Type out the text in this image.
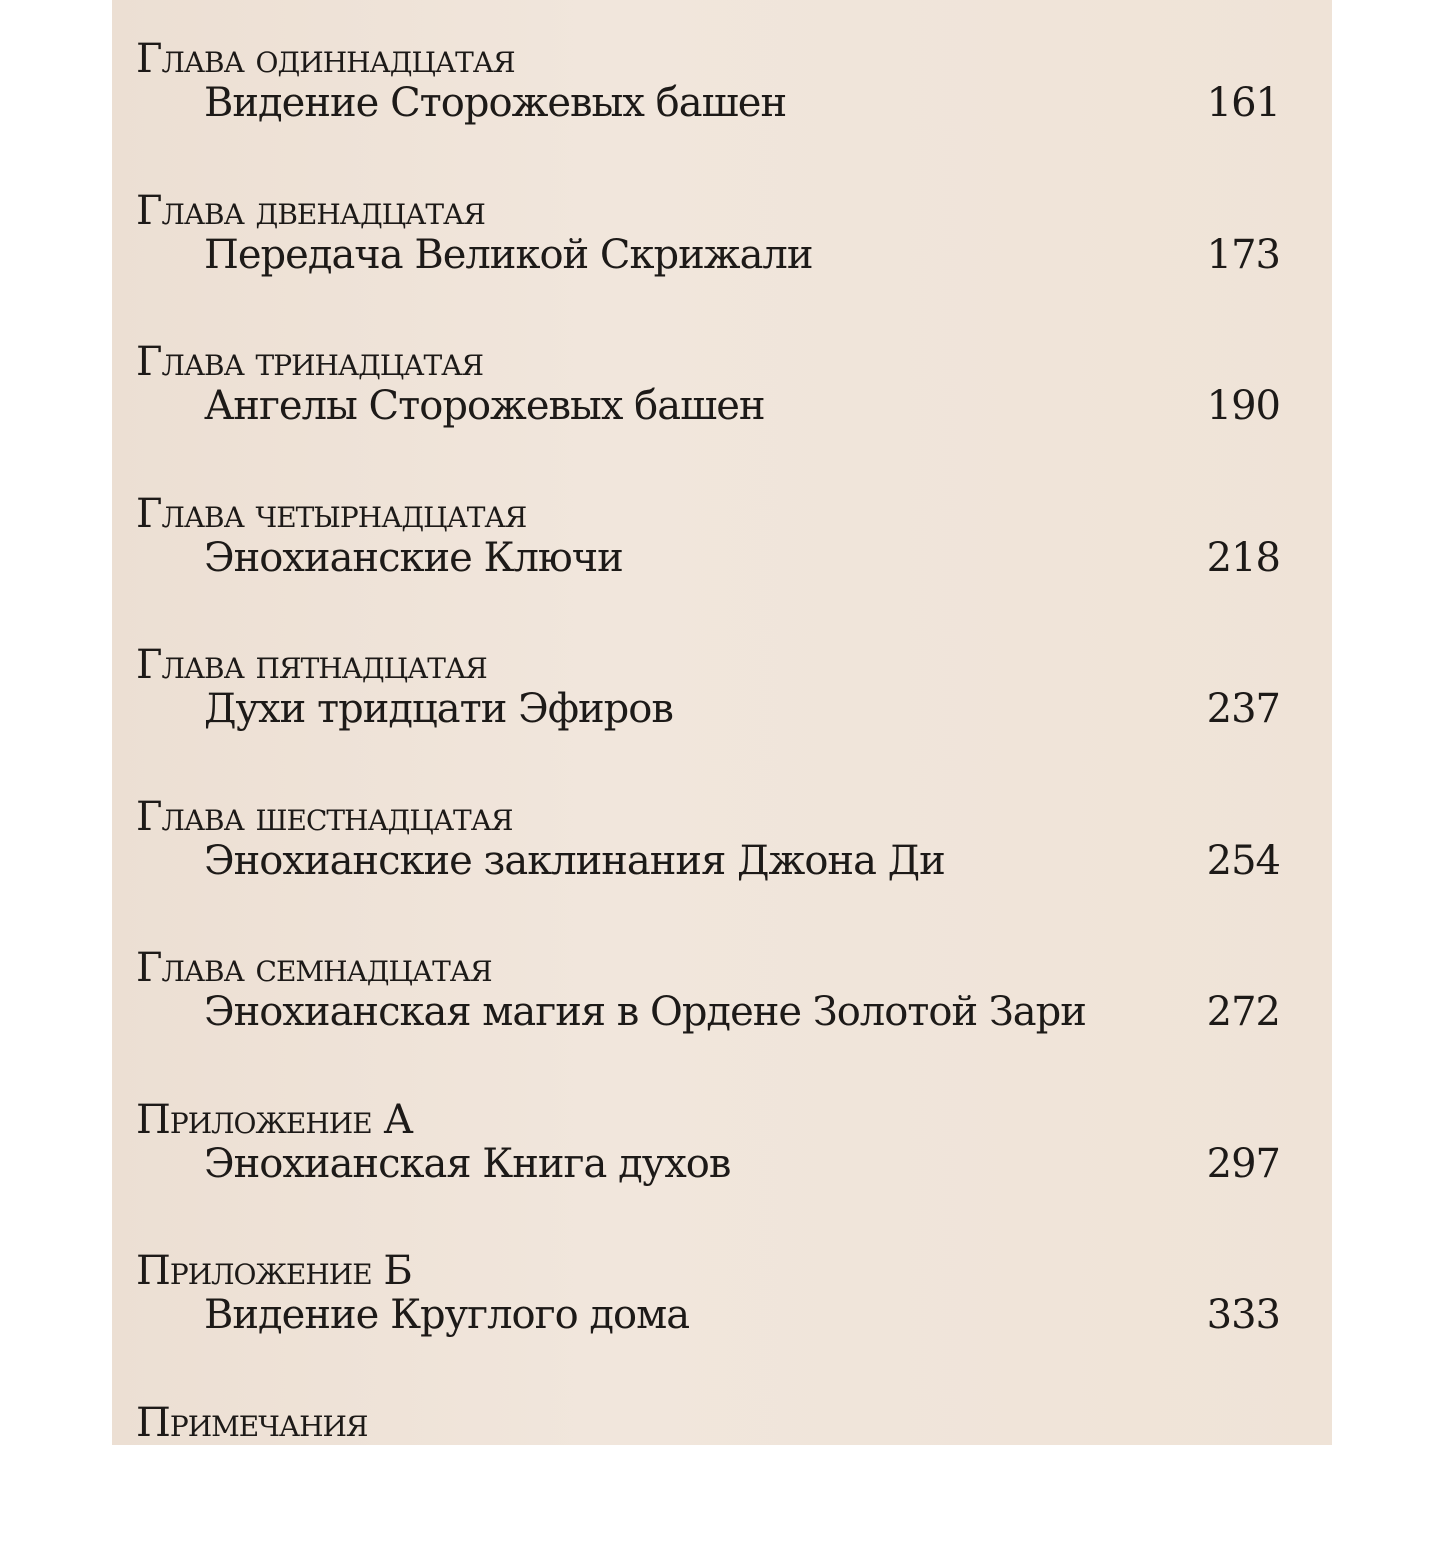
Глава одиннадцатая
Видение Сторожевых башен	161
Глава двенадцатая
Передача Великой Скрижали	173
Глава тринадцатая
Ангелы Сторожевых башен	190
Глава четырнадцатая
Энохианские Ключи	218
Глава пятнадцатая
Духи тридцати Эфиров	237
Глава шестнадцатая
Энохианские заклинания Джона Ди	254
Глава семнадцатая
Энохианская магия в Ордене Золотой Зари	272
Приложение А
Энохианская Книга духов	297
Приложение Б
Видение Круглого дома	333
Примечания
